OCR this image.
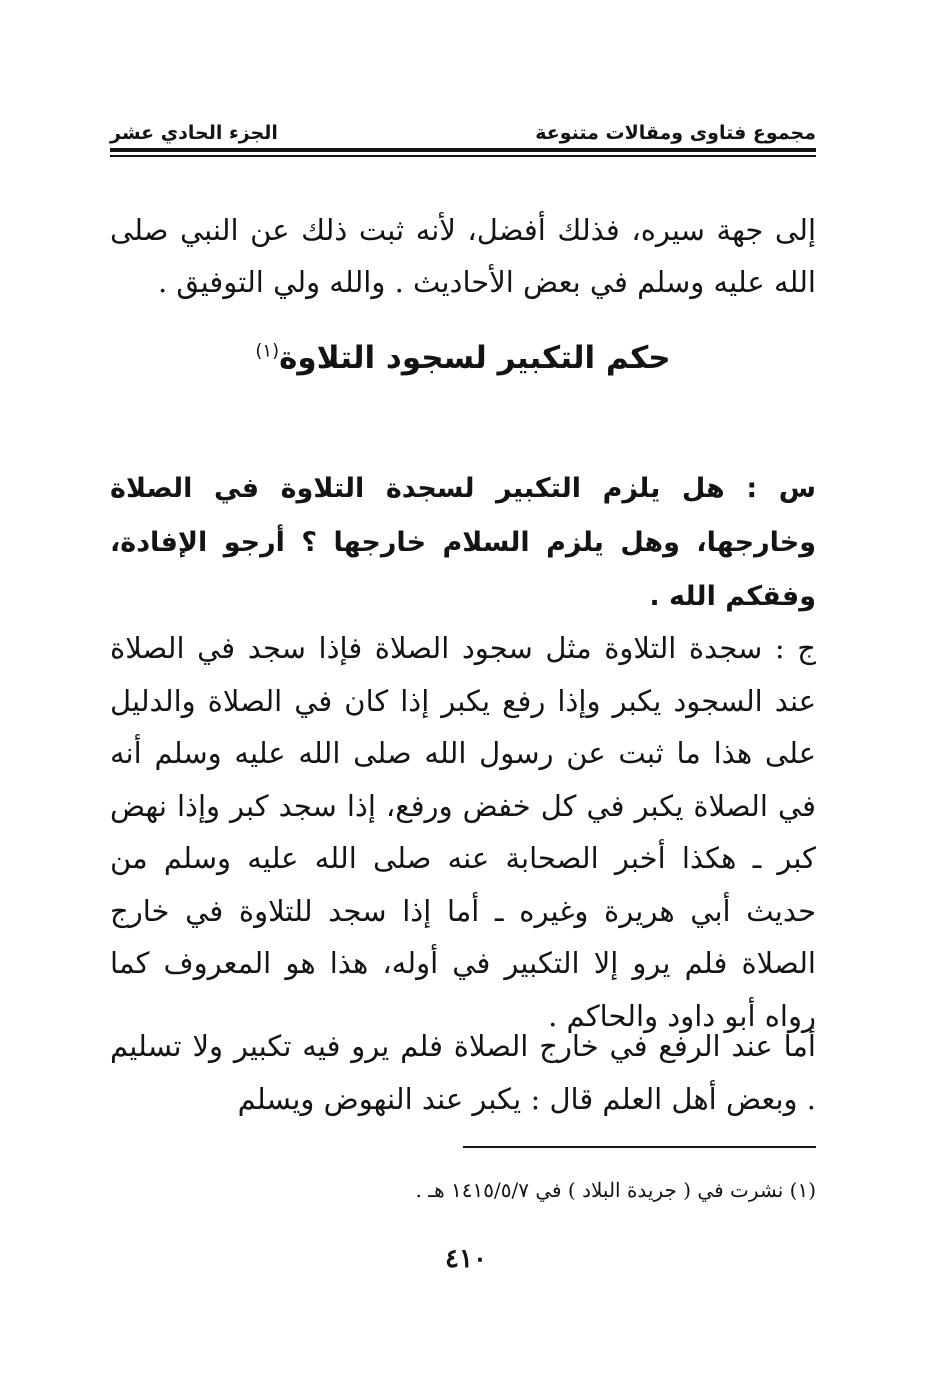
مجموع فتاوى ومقالات متنوعة
الجزء الحادي عشر
إلى جهة سيره، فذلك أفضل، لأنه ثبت ذلك عن النبي صلى الله عليه وسلم في بعض الأحاديث . والله ولي التوفيق .
حكم التكبير لسجود التلاوة$^{(١)}$
س : هل يلزم التكبير لسجدة التلاوة في الصلاة وخارجها، وهل يلزم السلام خارجها ؟ أرجو الإفادة، وفقكم الله .
ج : سجدة التلاوة مثل سجود الصلاة فإذا سجد في الصلاة عند السجود يكبر وإذا رفع يكبر إذا كان في الصلاة والدليل على هذا ما ثبت عن رسول الله صلى الله عليه وسلم أنه في الصلاة يكبر في كل خفض ورفع، إذا سجد كبر وإذا نهض كبر ـ هكذا أخبر الصحابة عنه صلى الله عليه وسلم من حديث أبي هريرة وغيره ـ أما إذا سجد للتلاوة في خارج الصلاة فلم يرو إلا التكبير في أوله، هذا هو المعروف كما رواه أبو داود والحاكم .
أما عند الرفع في خارج الصلاة فلم يرو فيه تكبير ولا تسليم . وبعض أهل العلم قال : يكبر عند النهوض ويسلم
(١) نشرت في ( جريدة البلاد ) في ١٤١٥/٥/٧ هـ .
٤١٠
